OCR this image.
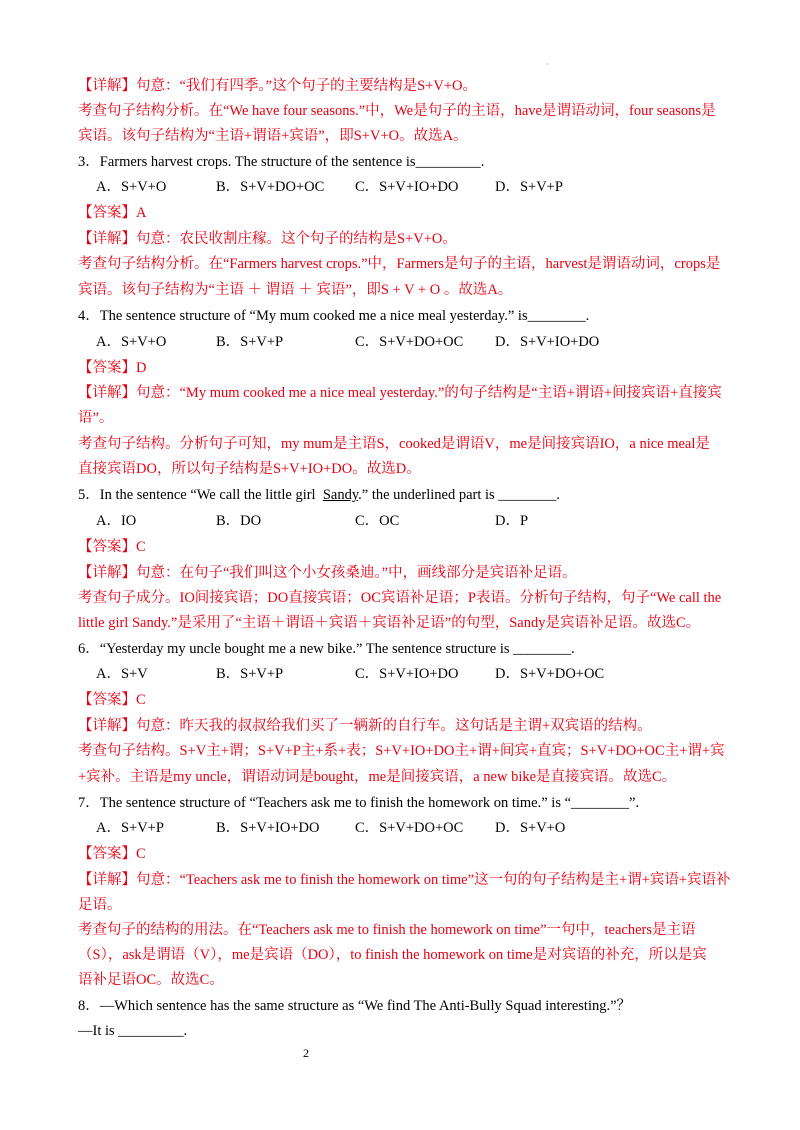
·
【详解】句意：“我们有四季。”这个句子的主要结构是S+V+O。
考查句子结构分析。在“We have four seasons.”中，We是句子的主语，have是谓语动词，four seasons是
宾语。该句子结构为“主语+谓语+宾语”，即S+V+O。故选A。
3．Farmers harvest crops. The structure of the sentence is_________.
A．S+V+O	B．S+V+DO+OC C．S+V+IO+DO	D．S+V+P
【答案】A
【详解】句意：农民收割庄稼。这个句子的结构是S+V+O。
考查句子结构分析。在“Farmers harvest crops.”中，Farmers是句子的主语，harvest是谓语动词，crops是
宾语。该句子结构为“主语 ＋ 谓语 ＋ 宾语”，即S + V + O 。故选A。
4．The sentence structure of “My mum cooked me a nice meal yesterday.” is________.
A．S+V+O	B．S+V+P	C．S+V+DO+OC D．S+V+IO+DO
【答案】D
【详解】句意：“My mum cooked me a nice meal yesterday.”的句子结构是“主语+谓语+间接宾语+直接宾
语”。
考查句子结构。分析句子可知，my mum是主语S，cooked是谓语V，me是间接宾语IO，a nice meal是
直接宾语DO，所以句子结构是S+V+IO+DO。故选D。
5．In the sentence “We call the little girl Sandy.” the underlined part is ________.
A．IO	B．DO	C．OC	D．P
【答案】C
【详解】句意：在句子“我们叫这个小女孩桑迪。”中，画线部分是宾语补足语。
考查句子成分。IO间接宾语；DO直接宾语；OC宾语补足语；P表语。分析句子结构，句子“We call the
little girl Sandy.”是采用了“主语＋谓语＋宾语＋宾语补足语”的句型，Sandy是宾语补足语。故选C。
6．“Yesterday my uncle bought me a new bike.” The sentence structure is ________.
A．S+V	B．S+V+P	C．S+V+IO+DO	D．S+V+DO+OC
【答案】C
【详解】句意：昨天我的叔叔给我们买了一辆新的自行车。这句话是主谓+双宾语的结构。
考查句子结构。S+V主+谓；S+V+P主+系+表；S+V+IO+DO主+谓+间宾+直宾；S+V+DO+OC主+谓+宾
+宾补。主语是my uncle，谓语动词是bought，me是间接宾语，a new bike是直接宾语。故选C。
7．The sentence structure of “Teachers ask me to finish the homework on time.” is “________”.
A．S+V+P	B．S+V+IO+DO C．S+V+DO+OC D．S+V+O
【答案】C
【详解】句意：“Teachers ask me to finish the homework on time”这一句的句子结构是主+谓+宾语+宾语补
足语。
考查句子的结构的用法。在“Teachers ask me to finish the homework on time”一句中，teachers是主语
（S），ask是谓语（V），me是宾语（DO），to finish the homework on time是对宾语的补充，所以是宾
语补足语OC。故选C。
8．—Which sentence has the same structure as “We find The Anti-Bully Squad interesting.”？
—It is _________.
2
